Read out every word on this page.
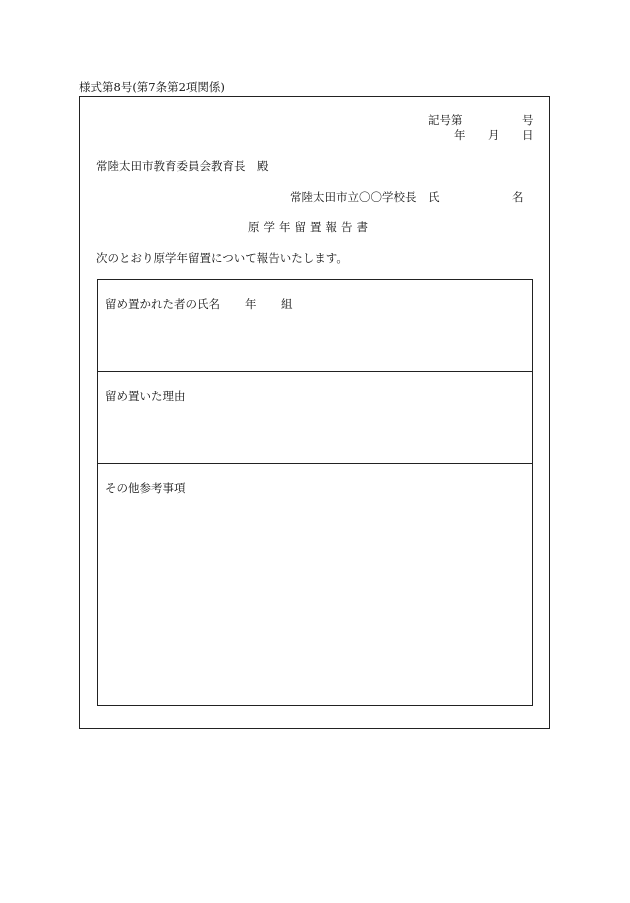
様式第8号(第7条第2項関係)
記号第	号
年 月 日
常陸太田市教育委員会教育長　殿
常陸太田市立〇〇学校長　氏	名
原学年留置報告書
次のとおり原学年留置について報告いたします。
留め置かれた者の氏名 年 組
留め置いた理由
その他参考事項
